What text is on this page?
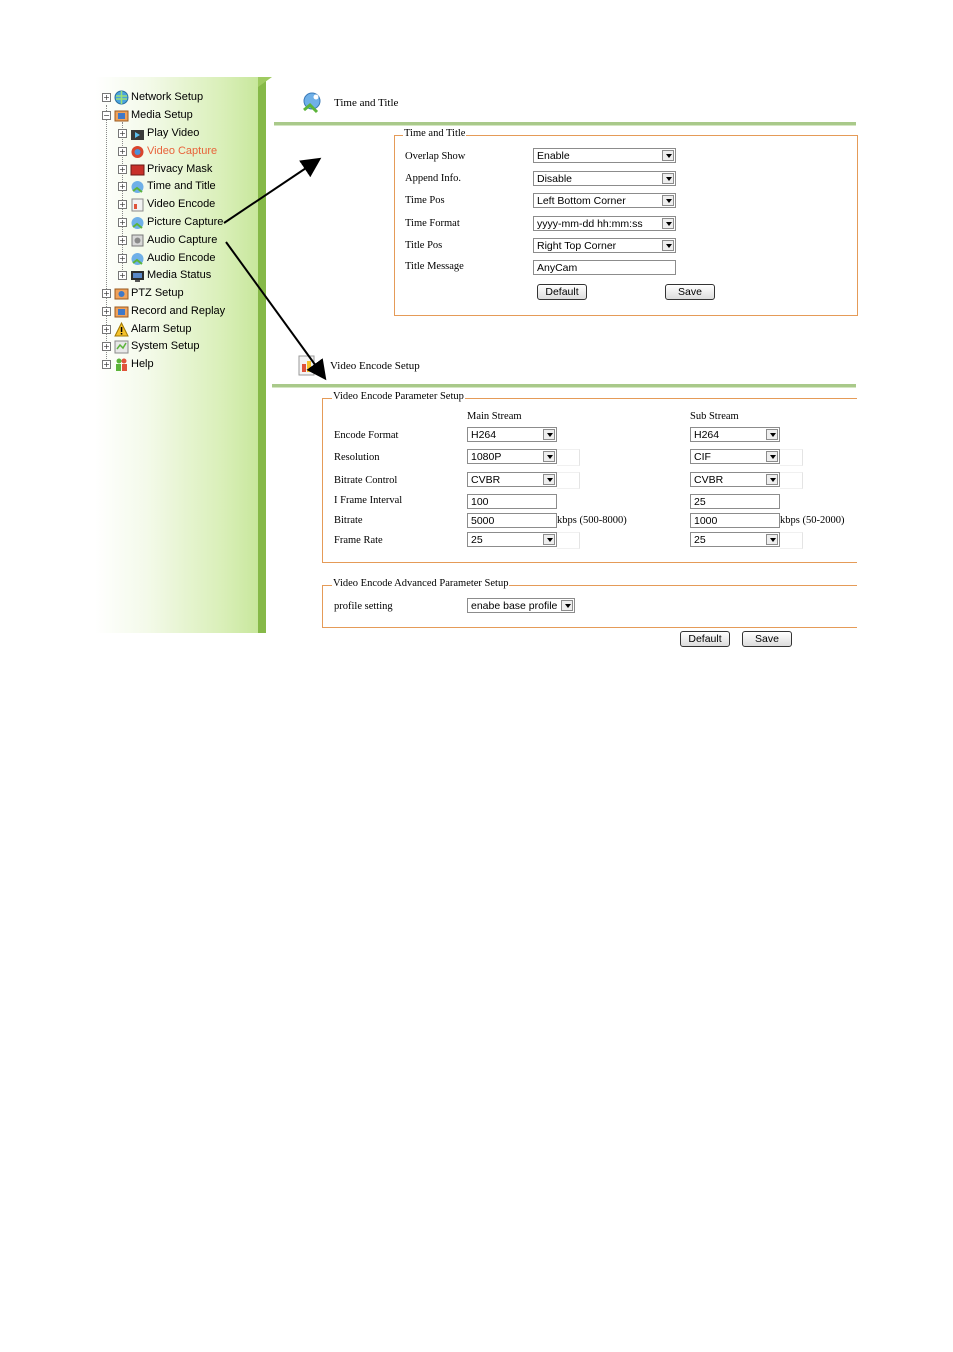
+ Network Setup
− Media Setup
+ Play Video
+ Video Capture
+ Privacy Mask
+ Time and Title
+ Video Encode
+ Picture Capture
+ Audio Capture
+ Audio Encode
+ Media Status
+ PTZ Setup
+ Record and Replay
+ Alarm Setup
+ System Setup
+ Help
Time and Title
Time and Title
Overlap Show	Enable
Append Info.	Disable
Time Pos	Left Bottom Corner
Time Format	yyyy-mm-dd hh:mm:ss
Title Pos	Right Top Corner
Title Message	AnyCam
Default	Save
Video Encode Setup
Video Encode Parameter Setup
Main Stream	Sub Stream
Encode Format	H264	H264
Resolution	1080P	CIF
Bitrate Control	CVBR	CVBR
I Frame Interval	100	25
Bitrate	5000	kbps (500-8000)	1000	kbps (50-2000)
Frame Rate	25	25
Video Encode Advanced Parameter Setup
profile setting	enabe base profile
Default	Save
